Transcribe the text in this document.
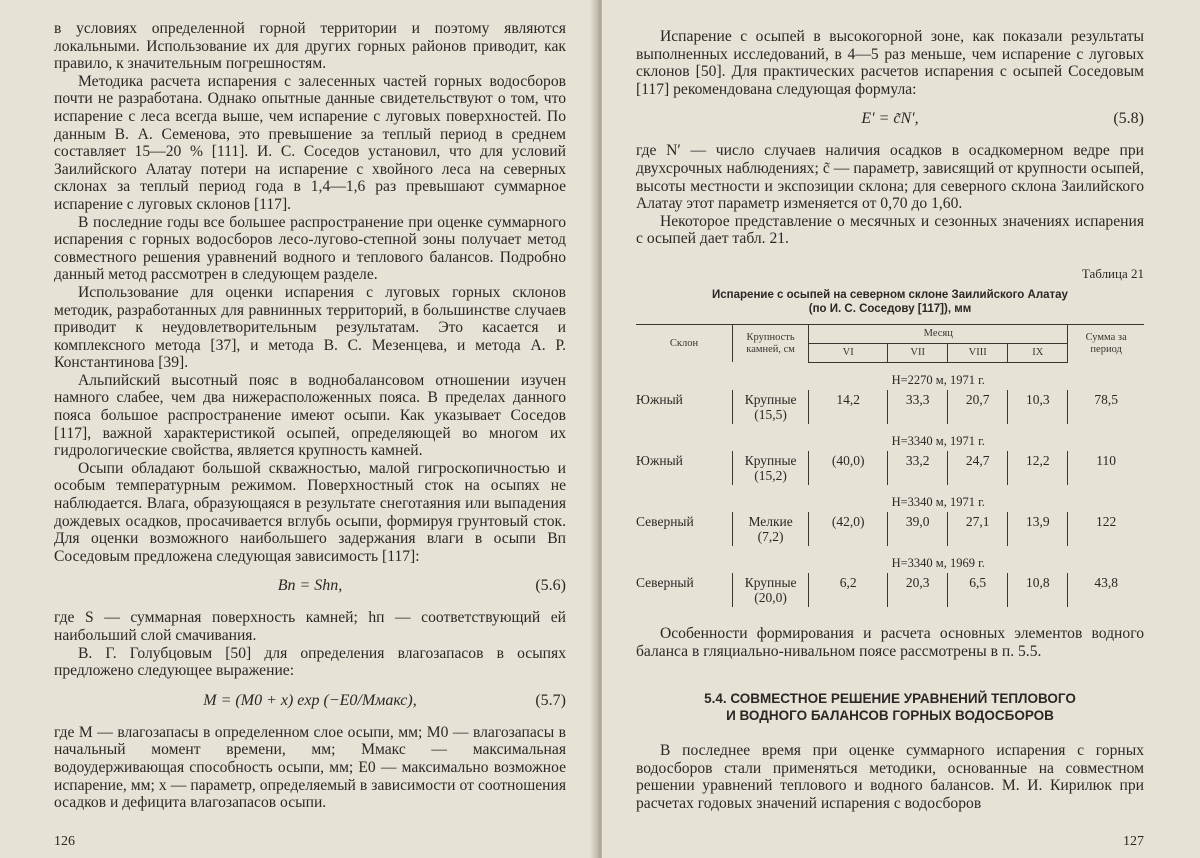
в условиях определенной горной территории и поэтому являются локальными. Использование их для других горных районов приводит, как правило, к значительным погрешностям.

Методика расчета испарения с залесенных частей горных водосборов почти не разработана. Однако опытные данные свидетельствуют о том, что испарение с леса всегда выше, чем испарение с луговых поверхностей. По данным В. А. Семенова, это превышение за теплый период в среднем составляет 15—20 % [111]. И. С. Соседов установил, что для условий Заилийского Алатау потери на испарение с хвойного леса на северных склонах за теплый период года в 1,4—1,6 раз превышают суммарное испарение с луговых склонов [117].

В последние годы все большее распространение при оценке суммарного испарения с горных водосборов лесо-лугово-степной зоны получает метод совместного решения уравнений водного и теплового балансов. Подробно данный метод рассмотрен в следующем разделе.

Использование для оценки испарения с луговых горных склонов методик, разработанных для равнинных территорий, в большинстве случаев приводит к неудовлетворительным результатам. Это касается и комплексного метода [37], и метода В. С. Мезенцева, и метода А. Р. Константинова [39].

Альпийский высотный пояс в воднобалансовом отношении изучен намного слабее, чем два нижерасположенных пояса. В пределах данного пояса большое распространение имеют осыпи. Как указывает Соседов [117], важной характеристикой осыпей, определяющей во многом их гидрологические свойства, является крупность камней.

Осыпи обладают большой скважностью, малой гигроскопичностью и особым температурным режимом. Поверхностный сток на осыпях не наблюдается. Влага, образующаяся в результате снеготаяния или выпадения дождевых осадков, просачивается вглубь осыпи, формируя грунтовый сток. Для оценки возможного наибольшего задержания влаги в осыпи Bп Соседовым предложена следующая зависимость [117]:

Bп = Shп,	(5.6)

где S — суммарная поверхность камней; hп — соответствующий ей наибольший слой смачивания.

В. Г. Голубцовым [50] для определения влагозапасов в осыпях предложено следующее выражение:

M = (M0 + x) exp (−E0/Mмакс),	(5.7)

где M — влагозапасы в определенном слое осыпи, мм; M0 — влагозапасы в начальный момент времени, мм; Mмакс — максимальная водоудерживающая способность осыпи, мм; E0 — максимально возможное испарение, мм; x — параметр, определяемый в зависимости от соотношения осадков и дефицита влагозапасов осыпи.

126

Испарение с осыпей в высокогорной зоне, как показали результаты выполненных исследований, в 4—5 раз меньше, чем испарение с луговых склонов [50]. Для практических расчетов испарения с осыпей Соседовым [117] рекомендована следующая формула:

E′ = c̃N′,	(5.8)

где N′ — число случаев наличия осадков в осадкомерном ведре при двухсрочных наблюдениях; c̃ — параметр, зависящий от крупности осыпей, высоты местности и экспозиции склона; для северного склона Заилийского Алатау этот параметр изменяется от 0,70 до 1,60.

Некоторое представление о месячных и сезонных значениях испарения с осыпей дает табл. 21.

Таблица 21
Испарение с осыпей на северном склоне Заилийского Алатау
(по И. С. Соседову [117]), мм
Склон	Крупность камней, см	Месяц				Сумма за период
		VI	VII	VIII	IX	
	H=2270 м, 1971 г.					
Южный	Крупные
(15,5)	14,2	33,3	20,7	10,3	78,5
	H=3340 м, 1971 г.					
Южный	Крупные
(15,2)	(40,0)	33,2	24,7	12,2	110
	H=3340 м, 1971 г.					
Северный	Мелкие
(7,2)	(42,0)	39,0	27,1	13,9	122
	H=3340 м, 1969 г.					
Северный	Крупные
(20,0)	6,2	20,3	6,5	10,8	43,8

Особенности формирования и расчета основных элементов водного баланса в гляциально-нивальном поясе рассмотрены в п. 5.5.

5.4. СОВМЕСТНОЕ РЕШЕНИЕ УРАВНЕНИЙ ТЕПЛОВОГО
И ВОДНОГО БАЛАНСОВ ГОРНЫХ ВОДОСБОРОВ

В последнее время при оценке суммарного испарения с горных водосборов стали применяться методики, основанные на совместном решении уравнений теплового и водного балансов. М. И. Кирилюк при расчетах годовых значений испарения с водосборов

127
